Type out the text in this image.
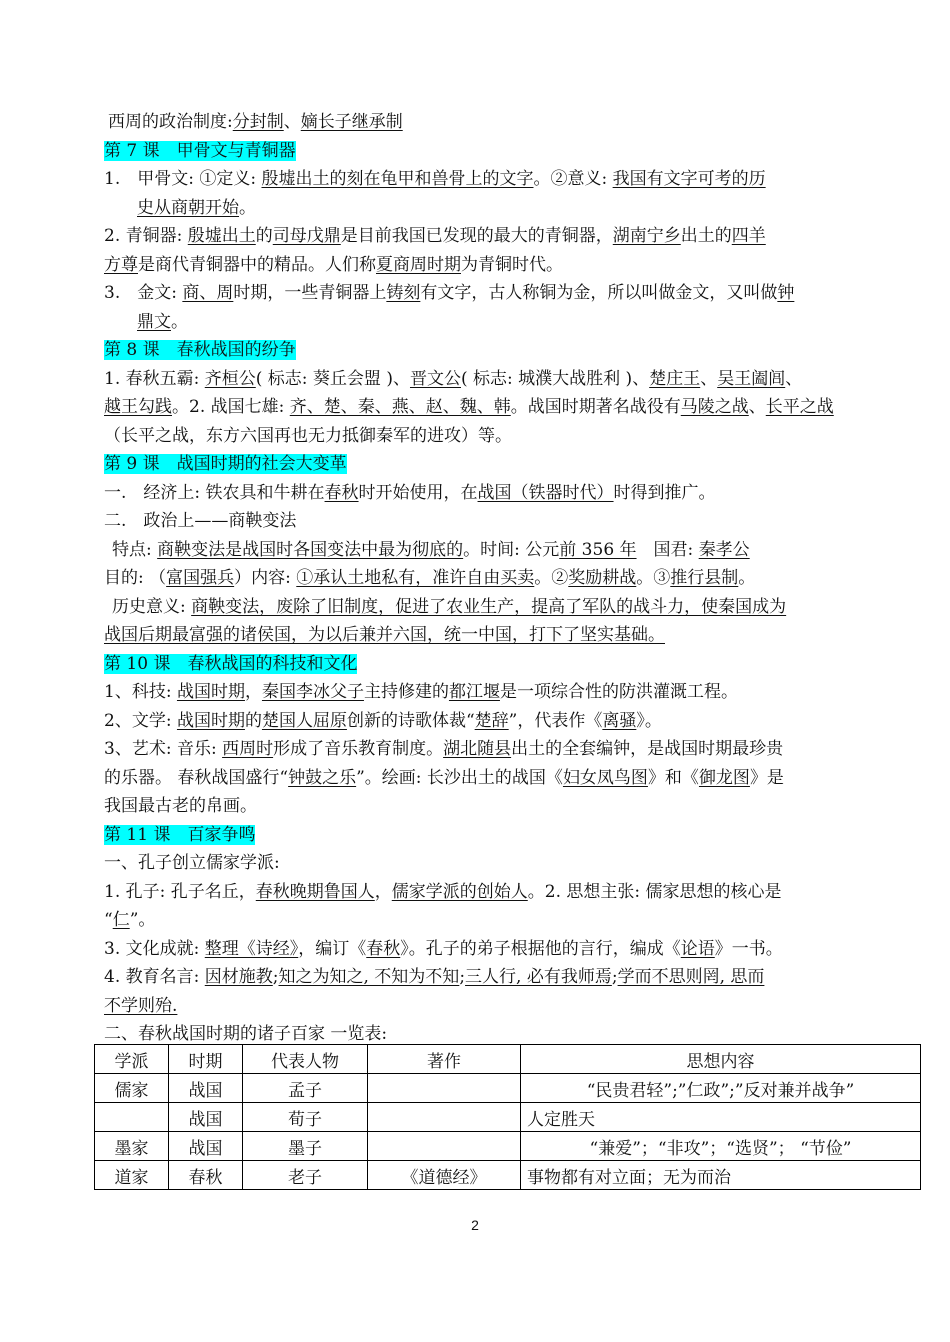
西周的政治制度:分封制、嫡长子继承制
第 7 课　甲骨文与青铜器
1.　甲骨文: ①定义: 殷墟出土的刻在龟甲和兽骨上的文字。②意义: 我国有文字可考的历
史从商朝开始。
2. 青铜器: 殷墟出土的司母戊鼎是目前我国已发现的最大的青铜器，湖南宁乡出土的四羊
方尊是商代青铜器中的精品。人们称夏商周时期为青铜时代。
3.　金文: 商、周时期，一些青铜器上铸刻有文字，古人称铜为金，所以叫做金文，又叫做钟
鼎文。
第 8 课　春秋战国的纷争
1. 春秋五霸: 齐桓公( 标志: 葵丘会盟 )、晋文公( 标志: 城濮大战胜利 )、楚庄王、吴王阖闾、
越王勾践。2. 战国七雄: 齐、楚、秦、燕、赵、魏、韩。战国时期著名战役有马陵之战、长平之战
（长平之战，东方六国再也无力抵御秦军的进攻）等。
第 9 课　战国时期的社会大变革
一.　经济上: 铁农具和牛耕在春秋时开始使用，在战国（铁器时代）时得到推广。
二.　政治上——商鞅变法
特点: 商鞅变法是战国时各国变法中最为彻底的。时间: 公元前 356 年　国君: 秦孝公
目的: （富国强兵）内容: ①承认土地私有，准许自由买卖。②奖励耕战。③推行县制。
历史意义: 商鞅变法，废除了旧制度，促进了农业生产，提高了军队的战斗力，使秦国成为
战国后期最富强的诸侯国，为以后兼并六国，统一中国，打下了坚实基础。
第 10 课　春秋战国的科技和文化
1、科技: 战国时期，秦国李冰父子主持修建的都江堰是一项综合性的防洪灌溉工程。
2、文学: 战国时期的楚国人屈原创新的诗歌体裁“楚辞”，代表作《离骚》。
3、艺术: 音乐: 西周时形成了音乐教育制度。湖北随县出土的全套编钟，是战国时期最珍贵
的乐器。 春秋战国盛行“钟鼓之乐”。绘画: 长沙出土的战国《妇女凤鸟图》和《御龙图》是
我国最古老的帛画。
第 11 课　百家争鸣
一、孔子创立儒家学派:
1. 孔子: 孔子名丘，春秋晚期鲁国人，儒家学派的创始人。2. 思想主张: 儒家思想的核心是
“仁”。
3. 文化成就: 整理《诗经》，编订《春秋》。孔子的弟子根据他的言行，编成《论语》一书。
4. 教育名言: 因材施教;知之为知之, 不知为不知;三人行, 必有我师焉;学而不思则罔, 思而
不学则殆.
二、春秋战国时期的诸子百家 一览表:
学派	时期	代表人物	著作	思想内容
儒家	战国	孟子		“民贵君轻”;”仁政”;”反对兼并战争”
	战国	荀子		人定胜天
墨家	战国	墨子		“兼爱”；“非攻”；“选贤”； “节俭”
道家	春秋	老子	《道德经》	事物都有对立面；无为而治
2
